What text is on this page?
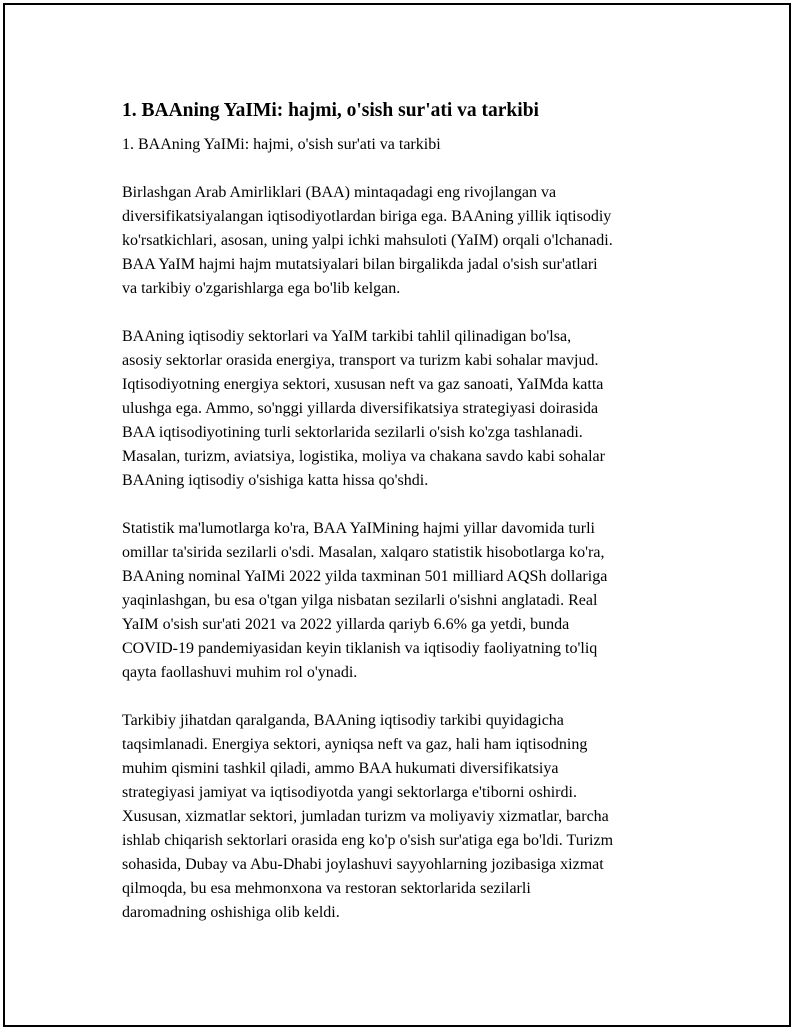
1. BAAning YaIMi: hajmi, o'sish sur'ati va tarkibi
1. BAAning YaIMi: hajmi, o'sish sur'ati va tarkibi
Birlashgan Arab Amirliklari (BAA) mintaqadagi eng rivojlangan va
diversifikatsiyalangan iqtisodiyotlardan biriga ega. BAAning yillik iqtisodiy
ko'rsatkichlari, asosan, uning yalpi ichki mahsuloti (YaIM) orqali o'lchanadi.
BAA YaIM hajmi hajm mutatsiyalari bilan birgalikda jadal o'sish sur'atlari
va tarkibiy o'zgarishlarga ega bo'lib kelgan.
BAAning iqtisodiy sektorlari va YaIM tarkibi tahlil qilinadigan bo'lsa,
asosiy sektorlar orasida energiya, transport va turizm kabi sohalar mavjud.
Iqtisodiyotning energiya sektori, xususan neft va gaz sanoati, YaIMda katta
ulushga ega. Ammo, so'nggi yillarda diversifikatsiya strategiyasi doirasida
BAA iqtisodiyotining turli sektorlarida sezilarli o'sish ko'zga tashlanadi.
Masalan, turizm, aviatsiya, logistika, moliya va chakana savdo kabi sohalar
BAAning iqtisodiy o'sishiga katta hissa qo'shdi.
Statistik ma'lumotlarga ko'ra, BAA YaIMining hajmi yillar davomida turli
omillar ta'sirida sezilarli o'sdi. Masalan, xalqaro statistik hisobotlarga ko'ra,
BAAning nominal YaIMi 2022 yilda taxminan 501 milliard AQSh dollariga
yaqinlashgan, bu esa o'tgan yilga nisbatan sezilarli o'sishni anglatadi. Real
YaIM o'sish sur'ati 2021 va 2022 yillarda qariyb 6.6% ga yetdi, bunda
COVID-19 pandemiyasidan keyin tiklanish va iqtisodiy faoliyatning to'liq
qayta faollashuvi muhim rol o'ynadi.
Tarkibiy jihatdan qaralganda, BAAning iqtisodiy tarkibi quyidagicha
taqsimlanadi. Energiya sektori, ayniqsa neft va gaz, hali ham iqtisodning
muhim qismini tashkil qiladi, ammo BAA hukumati diversifikatsiya
strategiyasi jamiyat va iqtisodiyotda yangi sektorlarga e'tiborni oshirdi.
Xususan, xizmatlar sektori, jumladan turizm va moliyaviy xizmatlar, barcha
ishlab chiqarish sektorlari orasida eng ko'p o'sish sur'atiga ega bo'ldi. Turizm
sohasida, Dubay va Abu-Dhabi joylashuvi sayyohlarning jozibasiga xizmat
qilmoqda, bu esa mehmonxona va restoran sektorlarida sezilarli
daromadning oshishiga olib keldi.
